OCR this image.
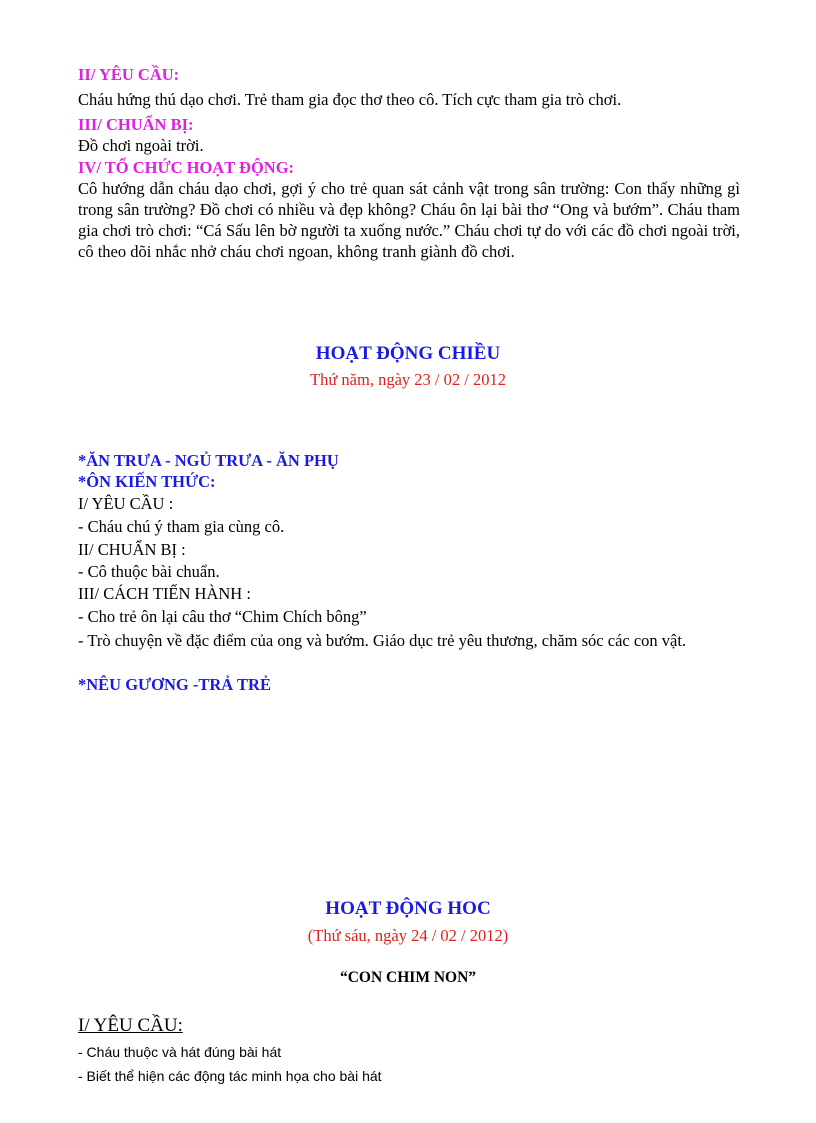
II/ YÊU CẦU:
Cháu hứng thú dạo chơi. Trẻ tham gia đọc thơ theo cô. Tích cực tham gia trò chơi.
III/ CHUẨN BỊ:
Đồ chơi ngoài trời.
IV/ TỔ CHỨC HOẠT ĐỘNG:
Cô hướng dẫn cháu dạo chơi, gợi ý cho trẻ quan sát cảnh vật trong sân trường: Con thấy những gì trong sân trường? Đồ chơi có nhiều và đẹp không? Cháu ôn lại bài thơ “Ong và bướm”. Cháu tham gia chơi trò chơi: “Cá Sấu lên bờ người ta xuống nước.” Cháu chơi tự do với các đồ chơi ngoài trời, cô theo dõi nhắc nhở cháu chơi ngoan, không tranh giành đồ chơi.
HOẠT ĐỘNG CHIỀU
Thứ năm, ngày 23 / 02 / 2012
*ĂN TRƯA - NGỦ TRƯA - ĂN PHỤ
*ÔN KIẾN THỨC:
I/ YÊU CẦU :
- Cháu chú ý tham gia cùng cô.
II/ CHUẨN BỊ :
- Cô thuộc bài chuẩn.
III/ CÁCH TIẾN HÀNH :
- Cho trẻ ôn lại câu thơ “Chim Chích bông”
- Trò chuyện về đặc điểm của ong và bướm. Giáo dục trẻ yêu thương, chăm sóc các con vật.
*NÊU GƯƠNG -TRẢ TRẺ
HOẠT ĐỘNG HOC
(Thứ sáu, ngày 24 / 02 / 2012)
“CON CHIM NON”
I/ YÊU CẦU:
- Cháu thuộc và hát đúng bài hát
- Biết thể hiện các động tác minh họa cho bài hát
